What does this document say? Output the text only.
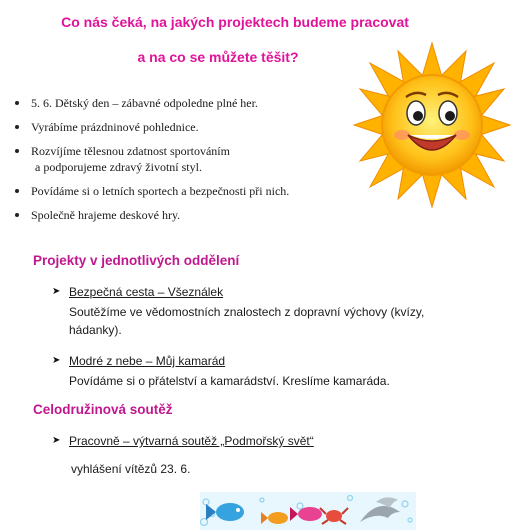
Co nás čeká, na jakých projektech budeme pracovat
a na co se můžete těšit?
5. 6. Dětský den – zábavné odpoledne plné her.
Vyrábíme prázdninové pohlednice.
Rozvíjíme tělesnou zdatnost sportováním
a podporujeme zdravý životní styl.
Povídáme si o letních sportech a bezpečnosti při nich.
Společně hrajeme deskové hry.
Projekty v jednotlivých oddělení
➤ Bezpečná cesta – Všeználek
Soutěžíme ve vědomostních znalostech z dopravní výchovy (kvízy, hádanky).
➤ Modré z nebe – Můj kamarád
Povídáme si o přátelství a kamarádství. Kreslíme kamaráda.
Celodružinová soutěž
➤ Pracovně – výtvarná soutěž „Podmořský svět“
vyhlášení vítězů 23. 6.
